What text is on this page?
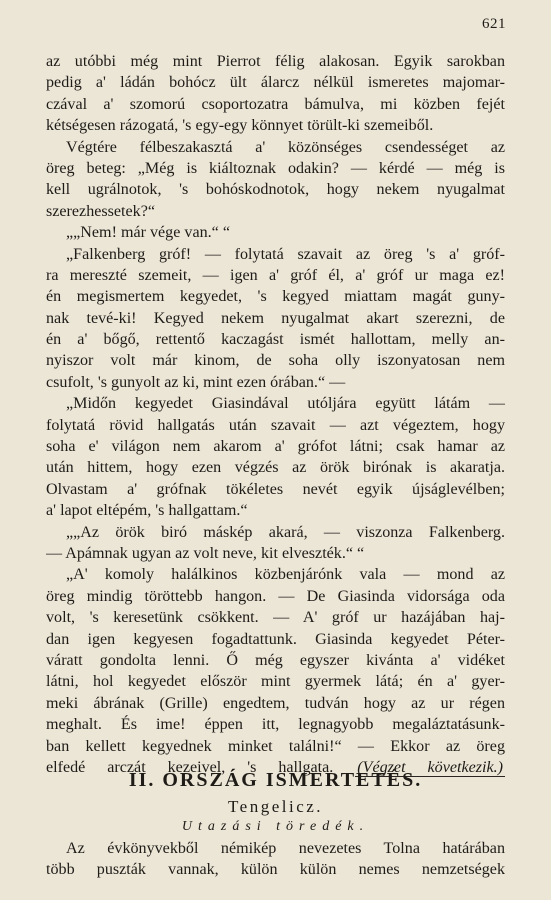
621
az utóbbi még mint Pierrot félig alakosan. Egyik sarokban
pedig a' ládán bohócz ült álarcz nélkül ismeretes majomar-
czával a' szomorú csoportozatra bámulva, mi közben fejét
kétségesen rázogatá, 's egy-egy könnyet törült-ki szemeiből.
Végtére félbeszakasztá a' közönséges csendességet az
öreg beteg: „Még is kiáltoznak odakin? — kérdé — még is
kell ugrálnotok, 's bohóskodnotok, hogy nekem nyugalmat
szerezhessetek?“
„„Nem! már vége van.“ “
„Falkenberg gróf! — folytatá szavait az öreg 's a' gróf-
ra mereszté szemeit, — igen a' gróf él, a' gróf ur maga ez!
én megismertem kegyedet, 's kegyed miattam magát guny-
nak tevé-ki! Kegyed nekem nyugalmat akart szerezni, de
én a' bőgő, rettentő kaczagást ismét hallottam, melly an-
nyiszor volt már kinom, de soha olly iszonyatosan nem
csufolt, 's gunyolt az ki, mint ezen órában.“ —
„Midőn kegyedet Giasindával utóljára együtt látám —
folytatá rövid hallgatás után szavait — azt végeztem, hogy
soha e' világon nem akarom a' grófot látni; csak hamar az
után hittem, hogy ezen végzés az örök birónak is akaratja.
Olvastam a' grófnak tökéletes nevét egyik újságlevélben;
a' lapot eltépém, 's hallgattam.“
„„Az örök biró máskép akará, — viszonza Falkenberg.
— Apámnak ugyan az volt neve, kit elveszték.“ “
„A' komoly halálkinos közbenjárónk vala — mond az
öreg mindig töröttebb hangon. — De Giasinda vidorsága oda
volt, 's keresetünk csökkent. — A' gróf ur hazájában haj-
dan igen kegyesen fogadtattunk. Giasinda kegyedet Péter-
váratt gondolta lenni. Ő még egyszer kivánta a' vidéket
látni, hol kegyedet először mint gyermek látá; én a' gyer-
meki ábrának (Grille) engedtem, tudván hogy az ur régen
meghalt. És ime! éppen itt, legnagyobb megaláztatásunk-
ban kellett kegyednek minket találni!“ — Ekkor az öreg
elfedé arczát kezeivel, 's hallgata. (Végzet következik.)
II. ORSZÁG ISMERTETÉS.
Tengelicz.
Utazási töredék.
Az évkönyvekből némikép nevezetes Tolna határában
több puszták vannak, külön külön nemes nemzetségek
